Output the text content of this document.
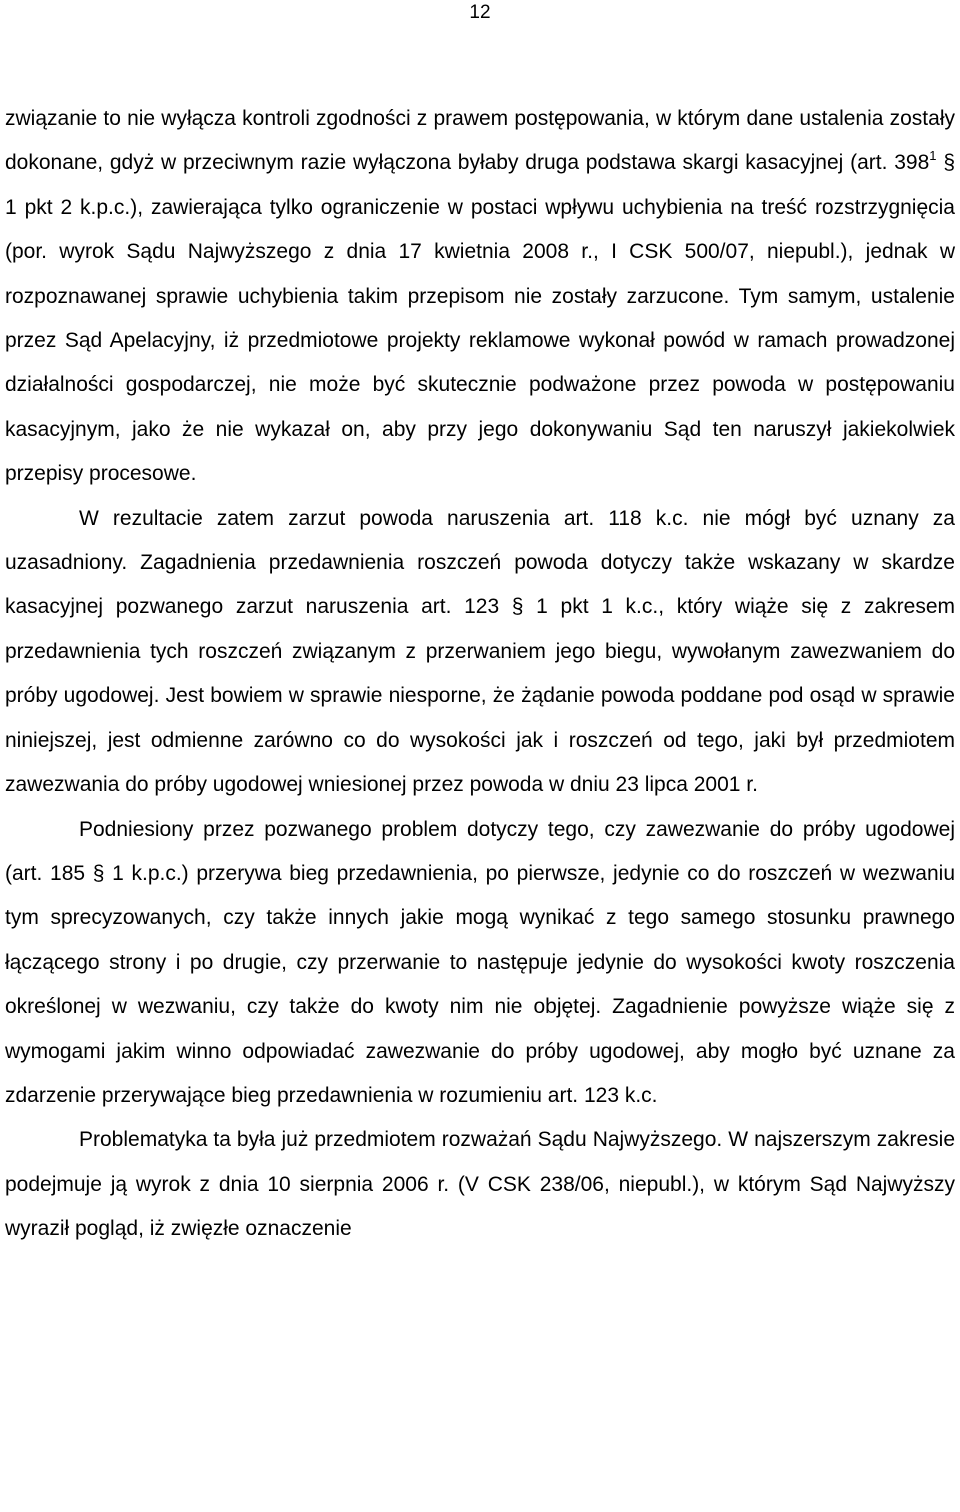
12

związanie to nie wyłącza kontroli zgodności z prawem postępowania, w którym dane ustalenia zostały dokonane, gdyż w przeciwnym razie wyłączona byłaby druga podstawa skargi kasacyjnej (art. $398^1$ § 1 pkt 2 k.p.c.), zawierająca tylko ograniczenie w postaci wpływu uchybienia na treść rozstrzygnięcia (por. wyrok Sądu Najwyższego z dnia 17 kwietnia 2008 r., I CSK 500/07, niepubl.), jednak w rozpoznawanej sprawie uchybienia takim przepisom nie zostały zarzucone. Tym samym, ustalenie przez Sąd Apelacyjny, iż przedmiotowe projekty reklamowe wykonał powód w ramach prowadzonej działalności gospodarczej, nie może być skutecznie podważone przez powoda w postępowaniu kasacyjnym, jako że nie wykazał on, aby przy jego dokonywaniu Sąd ten naruszył jakiekolwiek przepisy procesowe.

W rezultacie zatem zarzut powoda naruszenia art. 118 k.c. nie mógł być uznany za uzasadniony. Zagadnienia przedawnienia roszczeń powoda dotyczy także wskazany w skardze kasacyjnej pozwanego zarzut naruszenia art. 123 § 1 pkt 1 k.c., który wiąże się z zakresem przedawnienia tych roszczeń związanym z przerwaniem jego biegu, wywołanym zawezwaniem do próby ugodowej. Jest bowiem w sprawie niesporne, że żądanie powoda poddane pod osąd w sprawie niniejszej, jest odmienne zarówno co do wysokości jak i roszczeń od tego, jaki był przedmiotem zawezwania do próby ugodowej wniesionej przez powoda w dniu 23 lipca 2001 r.

Podniesiony przez pozwanego problem dotyczy tego, czy zawezwanie do próby ugodowej (art. 185 § 1 k.p.c.) przerywa bieg przedawnienia, po pierwsze, jedynie co do roszczeń w wezwaniu tym sprecyzowanych, czy także innych jakie mogą wynikać z tego samego stosunku prawnego łączącego strony i po drugie, czy przerwanie to następuje jedynie do wysokości kwoty roszczenia określonej w wezwaniu, czy także do kwoty nim nie objętej. Zagadnienie powyższe wiąże się z wymogami jakim winno odpowiadać zawezwanie do próby ugodowej, aby mogło być uznane za zdarzenie przerywające bieg przedawnienia w rozumieniu art. 123 k.c.

Problematyka ta była już przedmiotem rozważań Sądu Najwyższego. W najszerszym zakresie podejmuje ją wyrok z dnia 10 sierpnia 2006 r. (V CSK 238/06, niepubl.), w którym Sąd Najwyższy wyraził pogląd, iż zwięzłe oznaczenie
